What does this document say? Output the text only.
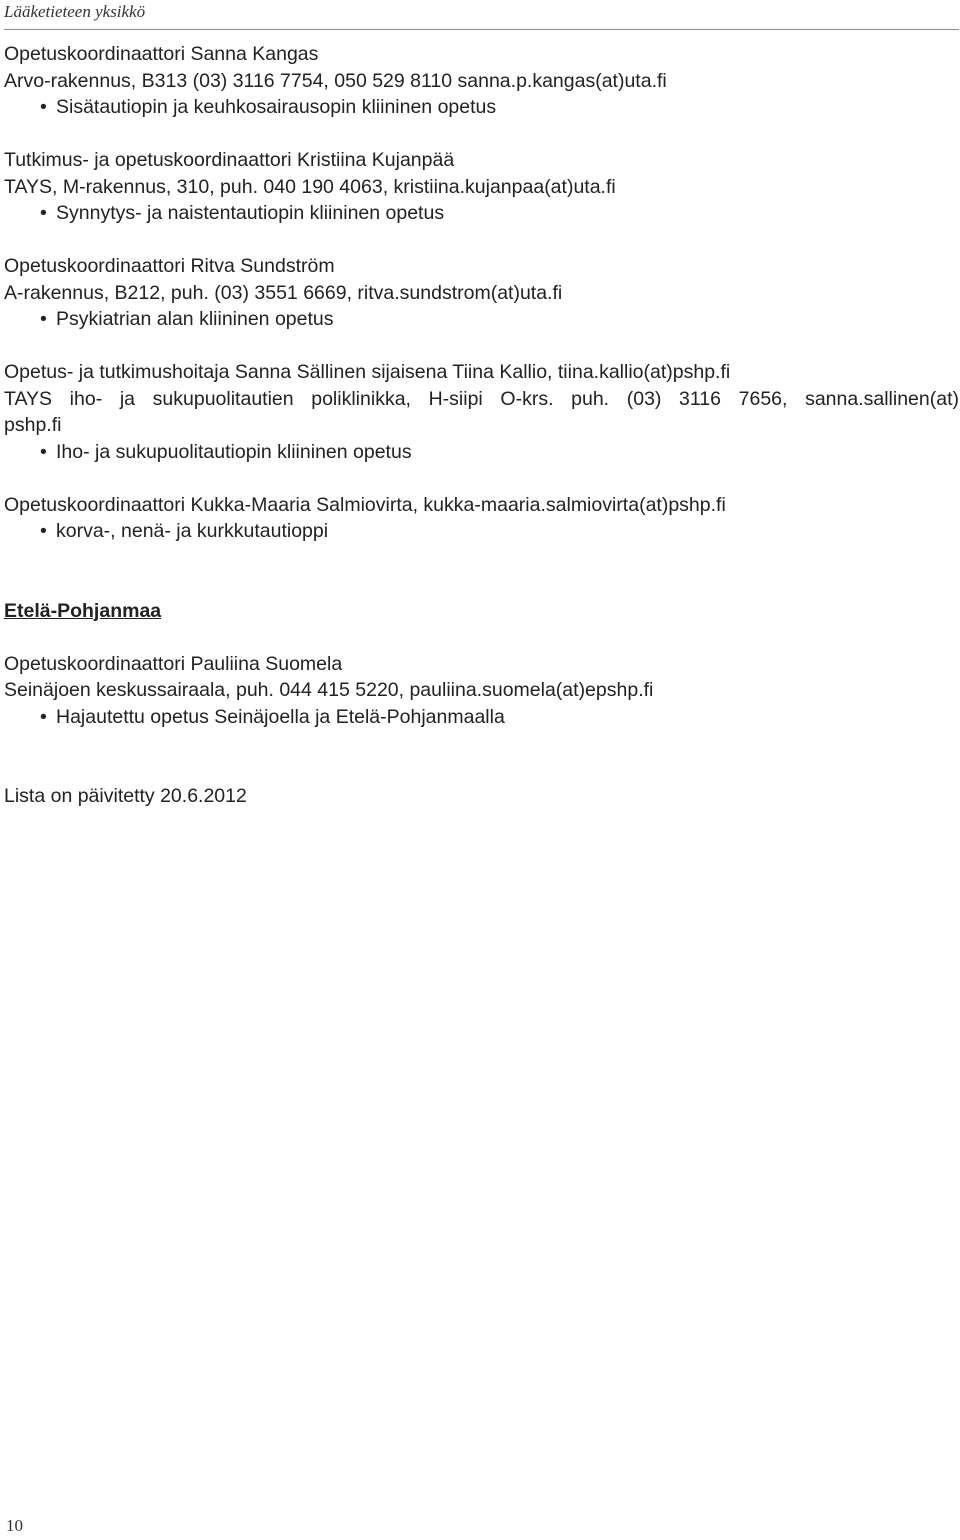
Lääketieteen yksikkö
Opetuskoordinaattori Sanna Kangas
Arvo-rakennus, B313 (03) 3116 7754, 050 529 8110 sanna.p.kangas(at)uta.fi
• Sisätautiopin ja keuhkosairausopin kliininen opetus
Tutkimus- ja opetuskoordinaattori Kristiina Kujanpää
TAYS, M-rakennus, 310, puh. 040 190 4063, kristiina.kujanpaa(at)uta.fi
• Synnytys- ja naistentautiopin kliininen opetus
Opetuskoordinaattori Ritva Sundström
A-rakennus, B212, puh. (03) 3551 6669, ritva.sundstrom(at)uta.fi
• Psykiatrian alan kliininen opetus
Opetus- ja tutkimushoitaja Sanna Sällinen sijaisena Tiina Kallio, tiina.kallio(at)pshp.fi
TAYS iho- ja sukupuolitautien poliklinikka, H-siipi O-krs. puh. (03) 3116 7656, sanna.sallinen(at)
pshp.fi
• Iho- ja sukupuolitautiopin kliininen opetus
Opetuskoordinaattori Kukka-Maaria Salmiovirta, kukka-maaria.salmiovirta(at)pshp.fi
• korva-, nenä- ja kurkkutautioppi
Etelä-Pohjanmaa
Opetuskoordinaattori Pauliina Suomela
Seinäjoen keskussairaala, puh. 044 415 5220, pauliina.suomela(at)epshp.fi
• Hajautettu opetus Seinäjoella ja Etelä-Pohjanmaalla
Lista on päivitetty 20.6.2012
10
